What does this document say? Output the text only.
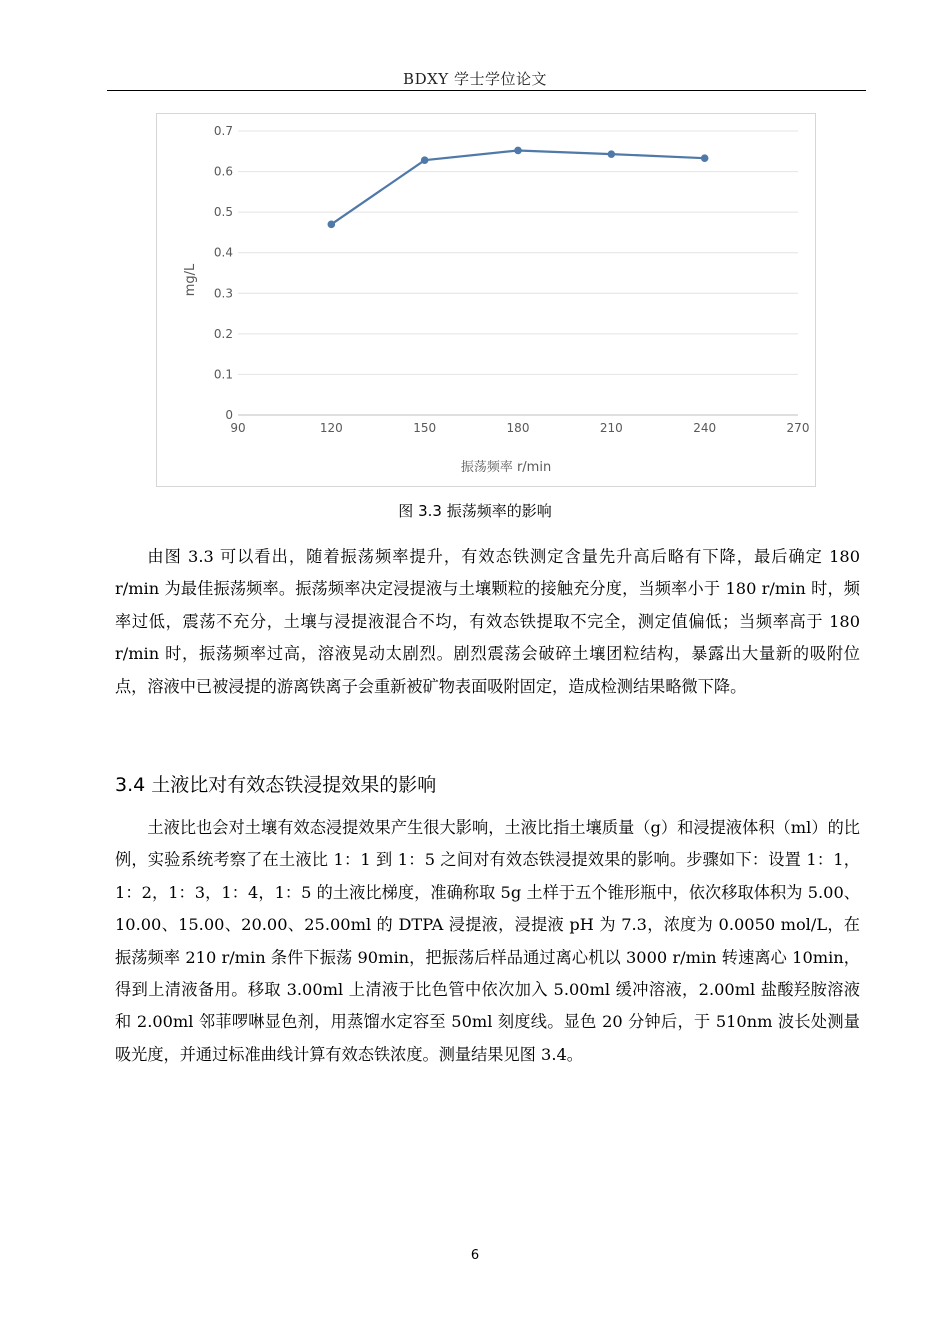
BDXY 学士学位论文
0
0.1
0.2
0.3
0.4
0.5
0.6
0.7
90	120	150	180	210	240	270
mg/L
振荡频率 r/min
图 3.3 振荡频率的影响

由图 3.3 可以看出，随着振荡频率提升，有效态铁测定含量先升高后略有下降，最后确定 180 r/min 为最佳振荡频率。振荡频率决定浸提液与土壤颗粒的接触充分度，当频率小于 180 r/min 时，频率过低，震荡不充分，土壤与浸提液混合不均，有效态铁提取不完全，测定值偏低；当频率高于 180 r/min 时，振荡频率过高，溶液晃动太剧烈。剧烈震荡会破碎土壤团粒结构，暴露出大量新的吸附位点，溶液中已被浸提的游离铁离子会重新被矿物表面吸附固定，造成检测结果略微下降。

3.4 土液比对有效态铁浸提效果的影响

土液比也会对土壤有效态浸提效果产生很大影响，土液比指土壤质量（g）和浸提液体积（ml）的比例，实验系统考察了在土液比 1：1 到 1：5 之间对有效态铁浸提效果的影响。步骤如下：设置 1：1，1：2，1：3，1：4，1：5 的土液比梯度，准确称取 5g 土样于五个锥形瓶中，依次移取体积为 5.00、10.00、15.00、20.00、25.00ml 的 DTPA 浸提液，浸提液 pH 为 7.3，浓度为 0.0050 mol/L，在振荡频率 210 r/min 条件下振荡 90min，把振荡后样品通过离心机以 3000 r/min 转速离心 10min，得到上清液备用。移取 3.00ml 上清液于比色管中依次加入 5.00ml 缓冲溶液，2.00ml 盐酸羟胺溶液和 2.00ml 邻菲啰啉显色剂，用蒸馏水定容至 50ml 刻度线。显色 20 分钟后，于 510nm 波长处测量吸光度，并通过标准曲线计算有效态铁浓度。测量结果见图 3.4。

6
